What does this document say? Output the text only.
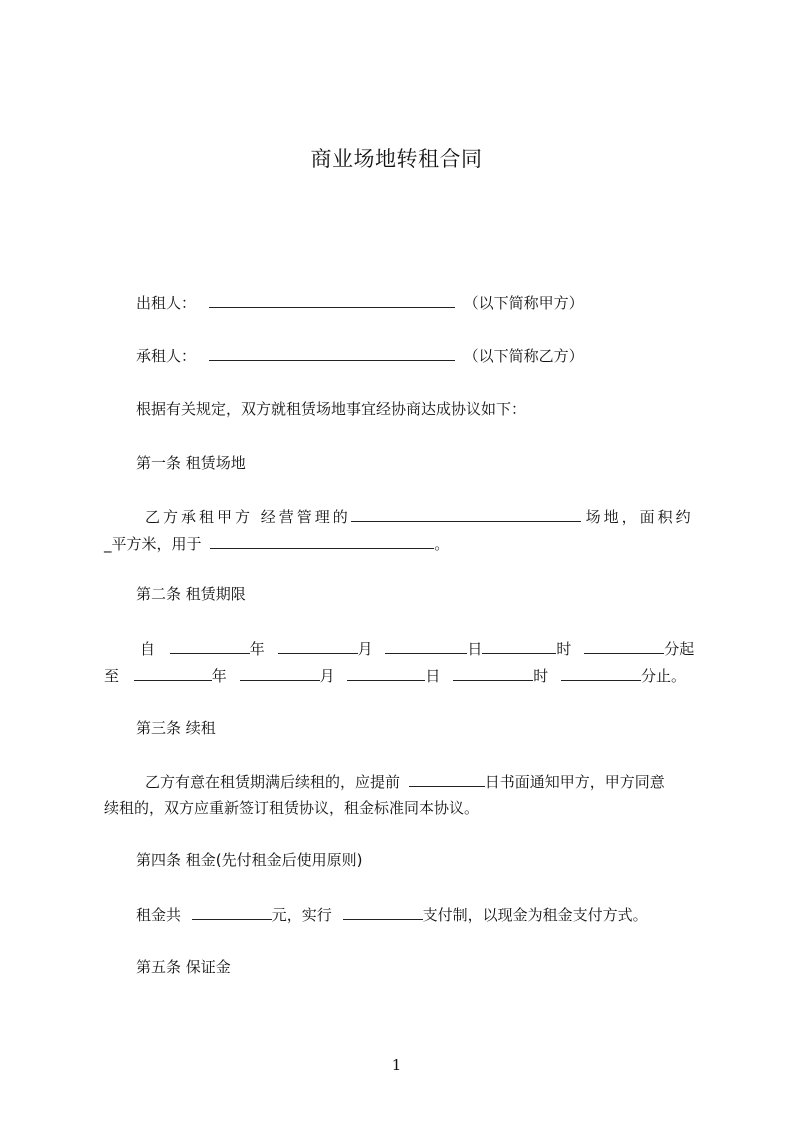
商业场地转租合同
出租人：	（以下简称甲方）
承租人：	（以下简称乙方）
根据有关规定，双方就租赁场地事宜经协商达成协议如下：
第一条 租赁场地
乙方承租甲方 经营管理的	场地，面积约
_平方米，用于	。
第二条 租赁期限
自	年	月	日	时	分起
至	年	月	日	时	分止。
第三条 续租
乙方有意在租赁期满后续租的，应提前	日书面通知甲方，甲方同意
续租的，双方应重新签订租赁协议，租金标准同本协议。
第四条 租金(先付租金后使用原则)
租金共	元，实行	支付制，以现金为租金支付方式。
第五条 保证金
1
